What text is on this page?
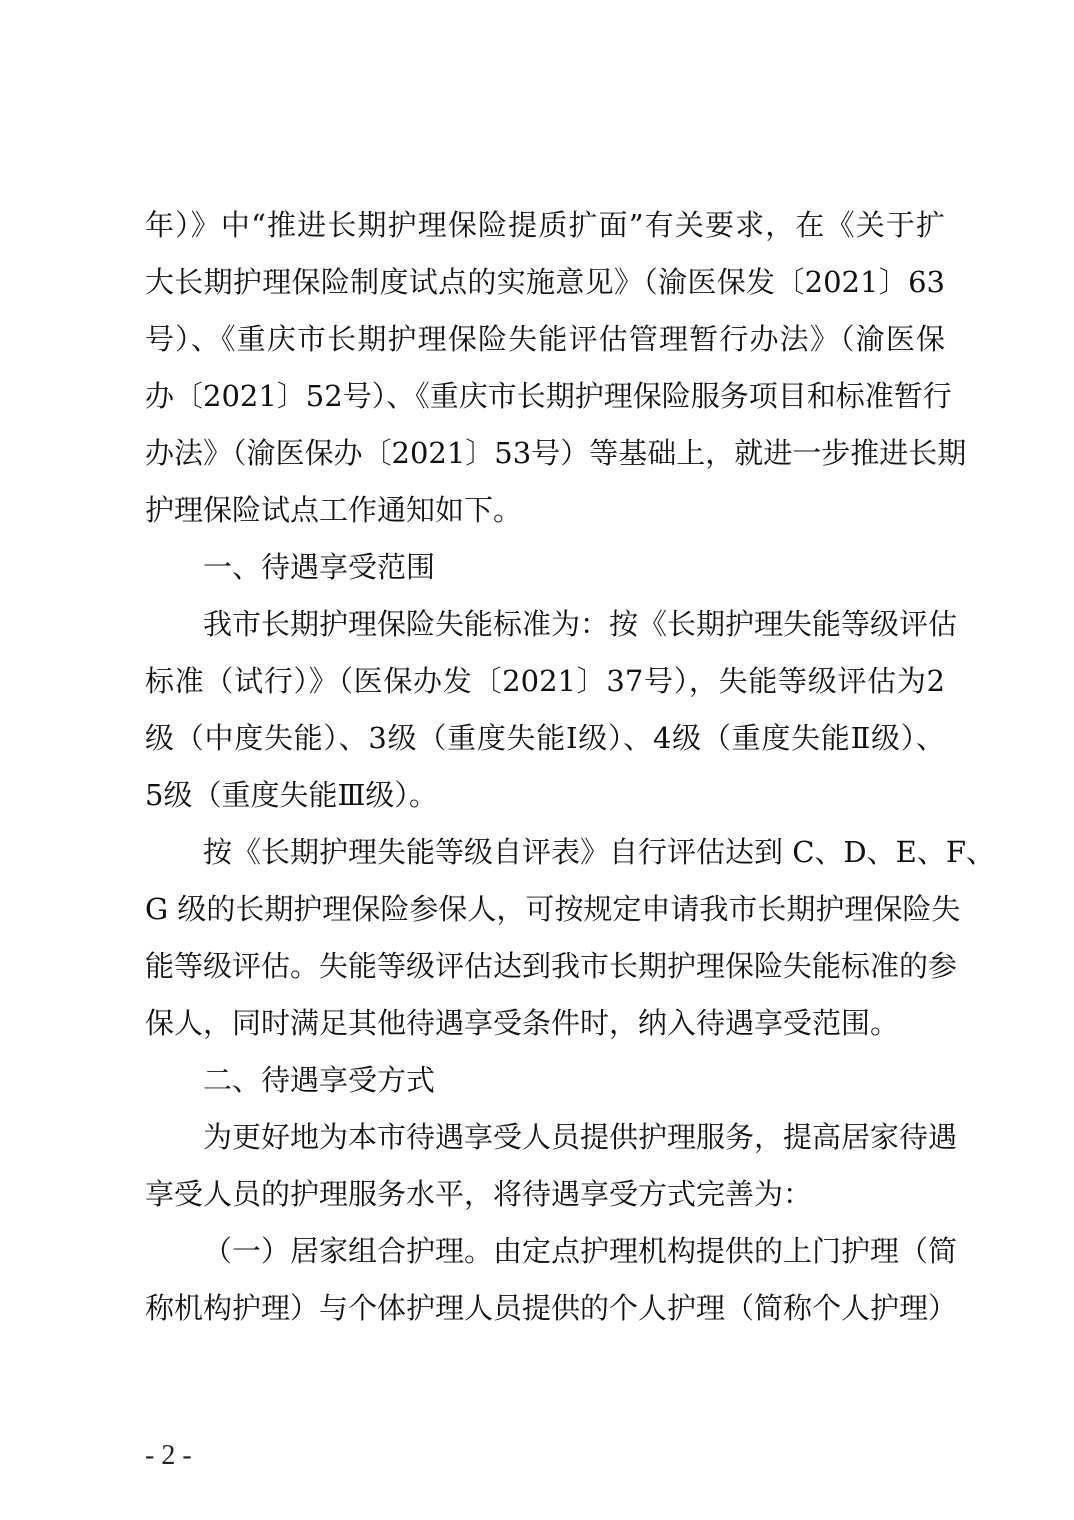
年）》中“推进长期护理保险提质扩面”有关要求，在《关于扩
大长期护理保险制度试点的实施意见》（渝医保发〔2021〕63
号）、《重庆市长期护理保险失能评估管理暂行办法》（渝医保
办〔2021〕52号）、《重庆市长期护理保险服务项目和标准暂行
办法》（渝医保办〔2021〕53号）等基础上，就进一步推进长期
护理保险试点工作通知如下。
一、待遇享受范围
我市长期护理保险失能标准为：按《长期护理失能等级评估
标准（试行）》（医保办发〔2021〕37号），失能等级评估为2
级（中度失能）、3级（重度失能Ⅰ级）、4级（重度失能Ⅱ级）、
5级（重度失能Ⅲ级）。
按《长期护理失能等级自评表》自行评估达到 C、D、E、F、
G 级的长期护理保险参保人，可按规定申请我市长期护理保险失
能等级评估。失能等级评估达到我市长期护理保险失能标准的参
保人，同时满足其他待遇享受条件时，纳入待遇享受范围。
二、待遇享受方式
为更好地为本市待遇享受人员提供护理服务，提高居家待遇
享受人员的护理服务水平，将待遇享受方式完善为：
（一）居家组合护理。由定点护理机构提供的上门护理（简
称机构护理）与个体护理人员提供的个人护理（简称个人护理）
- 2 -
